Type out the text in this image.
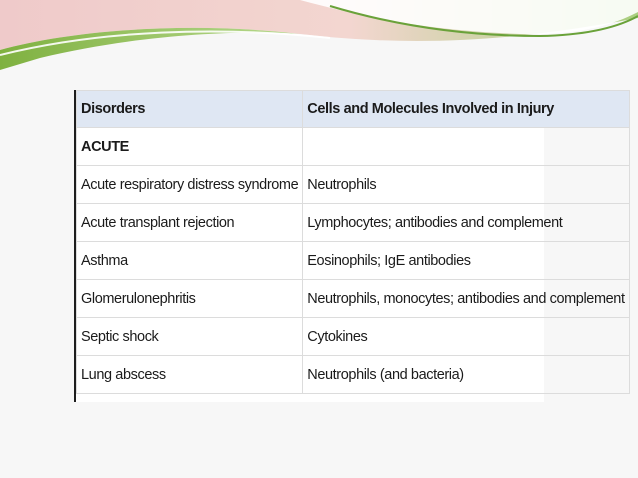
Disorders	Cells and Molecules Involved in Injury
ACUTE	
Acute respiratory distress syndrome	Neutrophils
Acute transplant rejection	Lymphocytes; antibodies and complement
Asthma	Eosinophils; IgE antibodies
Glomerulonephritis	Neutrophils, monocytes; antibodies and complement
Septic shock	Cytokines
Lung abscess	Neutrophils (and bacteria)
